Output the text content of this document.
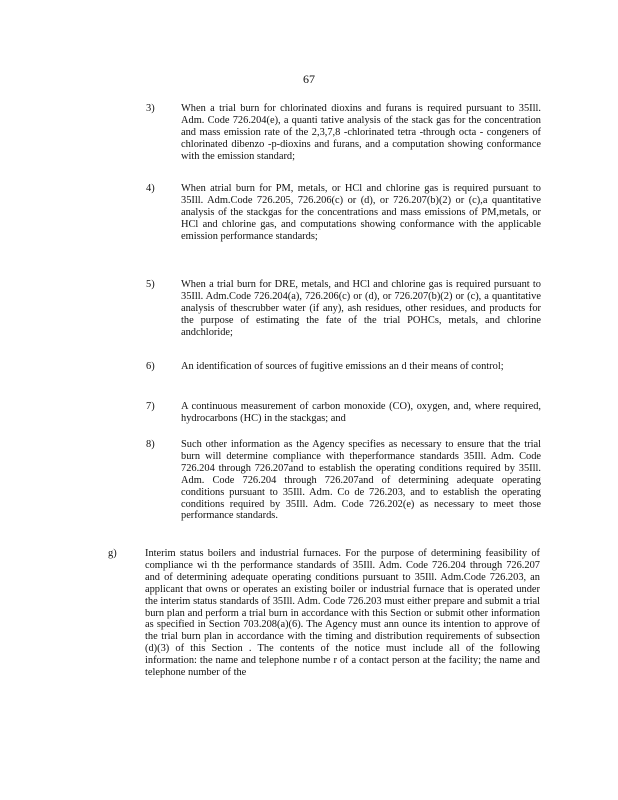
67
3)	When a trial burn for chlorinated dioxins and furans is required pursuant to 35Ill. Adm. Code 726.204(e), a quanti tative analysis of the stack gas for the concentration and mass emission rate of the 2,3,7,8 -chlorinated tetra -through octa - congeners of chlorinated dibenzo -p-dioxins and furans, and a computation showing conformance with the emission standard;
4)	When atrial burn for PM, metals, or HCl and chlorine gas is required pursuant to 35Ill. Adm.Code 726.205, 726.206(c) or (d), or 726.207(b)(2) or (c),a quantitative analysis of the stackgas for the concentrations and mass emissions of PM,metals, or HCl and chlorine gas, and computations showing conformance with the applicable emission performance standards;
5)	When a trial burn for DRE, metals, and HCl and chlorine gas is required pursuant to 35Ill. Adm.Code 726.204(a), 726.206(c) or (d), or 726.207(b)(2) or (c), a quantitative analysis of thescrubber water (if any), ash residues, other residues, and products for the purpose of estimating the fate of the trial POHCs, metals, and chlorine andchloride;
6)	An identification of sources of fugitive emissions an d their means of control;
7)	A continuous measurement of carbon monoxide (CO), oxygen, and, where required, hydrocarbons (HC) in the stackgas; and
8)	Such other information as the Agency specifies as necessary to ensure that the trial burn will determine compliance with theperformance standards 35Ill. Adm. Code 726.204 through 726.207and to establish the operating conditions required by 35Ill. Adm. Code 726.204 through 726.207and of determining adequate operating conditions pursuant to 35Ill. Adm. Co de 726.203, and to establish the operating conditions required by 35Ill. Adm. Code 726.202(e) as necessary to meet those performance standards.
g)	Interim status boilers and industrial furnaces. For the purpose of determining feasibility of compliance wi th the performance standards of 35Ill. Adm. Code 726.204 through 726.207 and of determining adequate operating conditions pursuant to 35Ill. Adm.Code 726.203, an applicant that owns or operates an existing boiler or industrial furnace that is operated under the interim status standards of 35Ill. Adm. Code 726.203 must either prepare and submit a trial burn plan and perform a trial burn in accordance with this Section or submit other information as specified in Section 703.208(a)(6). The Agency must ann ounce its intention to approve of the trial burn plan in accordance with the timing and distribution requirements of subsection (d)(3) of this Section . The contents of the notice must include all of the following information: the name and telephone numbe r of a contact person at the facility; the name and telephone number of the
